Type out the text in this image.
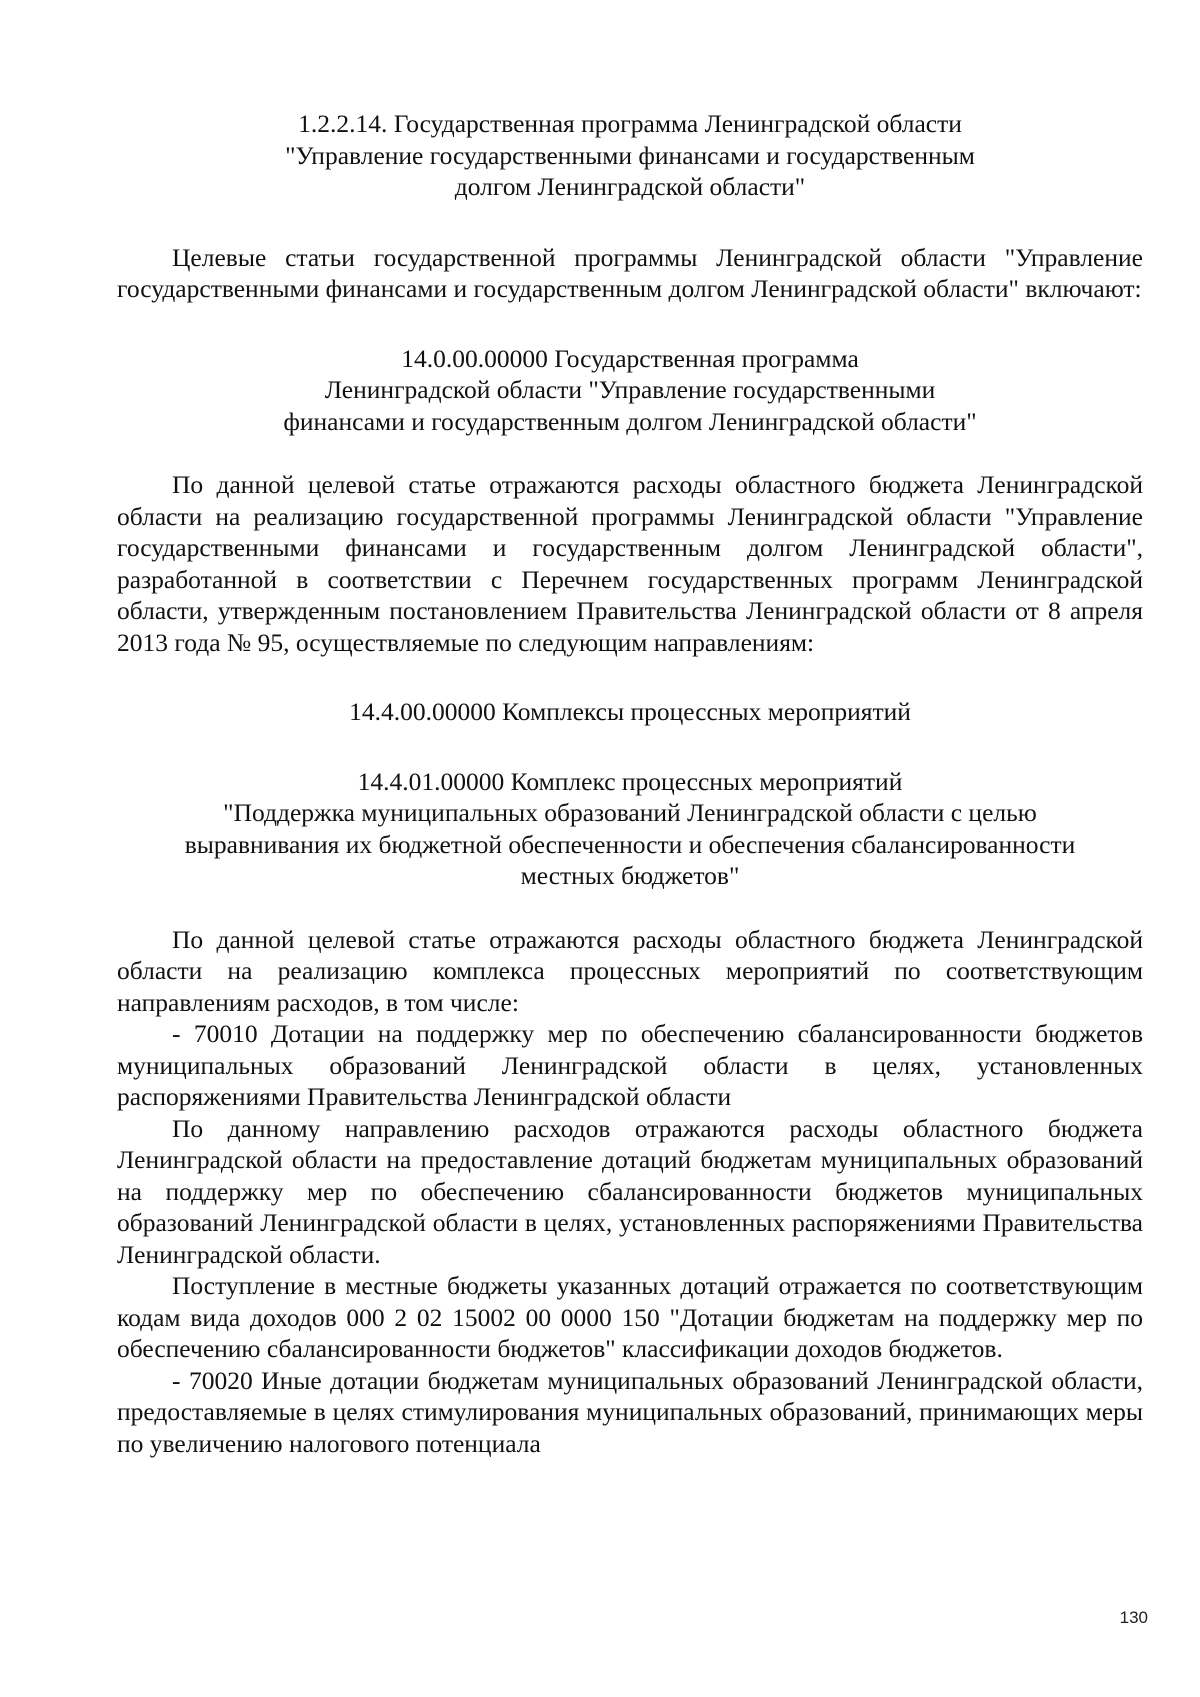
1.2.2.14. Государственная программа Ленинградской области
"Управление государственными финансами и государственным
долгом Ленинградской области"

Целевые статьи государственной программы Ленинградской области "Управление государственными финансами и государственным долгом Ленинградской области" включают:

14.0.00.00000 Государственная программа
Ленинградской области "Управление государственными
финансами и государственным долгом Ленинградской области"

По данной целевой статье отражаются расходы областного бюджета Ленинградской области на реализацию государственной программы Ленинградской области "Управление государственными финансами и государственным долгом Ленинградской области", разработанной в соответствии с Перечнем государственных программ Ленинградской области, утвержденным постановлением Правительства Ленинградской области от 8 апреля 2013 года № 95, осуществляемые по следующим направлениям:

14.4.00.00000 Комплексы процессных мероприятий
14.4.01.00000 Комплекс процессных мероприятий
"Поддержка муниципальных образований Ленинградской области с целью
выравнивания их бюджетной обеспеченности и обеспечения сбалансированности
местных бюджетов"

По данной целевой статье отражаются расходы областного бюджета Ленинградской области на реализацию комплекса процессных мероприятий по соответствующим направлениям расходов, в том числе:

- 70010 Дотации на поддержку мер по обеспечению сбалансированности бюджетов муниципальных образований Ленинградской области в целях, установленных распоряжениями Правительства Ленинградской области

По данному направлению расходов отражаются расходы областного бюджета Ленинградской области на предоставление дотаций бюджетам муниципальных образований на поддержку мер по обеспечению сбалансированности бюджетов муниципальных образований Ленинградской области в целях, установленных распоряжениями Правительства Ленинградской области.

Поступление в местные бюджеты указанных дотаций отражается по соответствующим кодам вида доходов 000 2 02 15002 00 0000 150 "Дотации бюджетам на поддержку мер по обеспечению сбалансированности бюджетов" классификации доходов бюджетов.

- 70020 Иные дотации бюджетам муниципальных образований Ленинградской области, предоставляемые в целях стимулирования муниципальных образований, принимающих меры по увеличению налогового потенциала

130
